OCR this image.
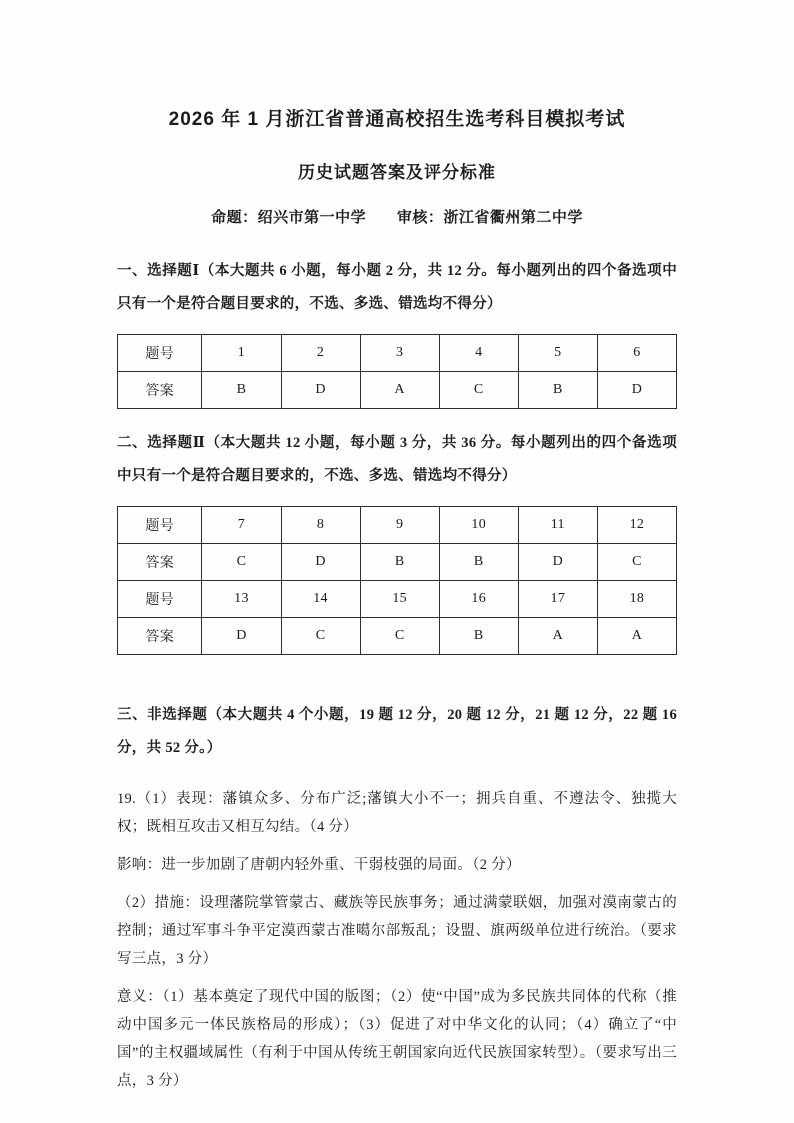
2026 年 1 月浙江省普通高校招生选考科目模拟考试
历史试题答案及评分标准
命题：绍兴市第一中学 审核：浙江省衢州第二中学

一、选择题Ⅰ（本大题共 6 小题，每小题 2 分，共 12 分。每小题列出的四个备选项中只有一个是符合题目要求的，不选、多选、错选均不得分）

题号	1	2	3	4	5	6
答案	B	D	A	C	B	D

二、选择题Ⅱ（本大题共 12 小题，每小题 3 分，共 36 分。每小题列出的四个备选项中只有一个是符合题目要求的，不选、多选、错选均不得分）

题号	7	8	9	10	11	12
答案	C	D	B	B	D	C
题号	13	14	15	16	17	18
答案	D	C	C	B	A	A

三、非选择题（本大题共 4 个小题，19 题 12 分，20 题 12 分，21 题 12 分，22 题 16 分，共 52 分。）

19.（1）表现：藩镇众多、分布广泛;藩镇大小不一；拥兵自重、不遵法令、独揽大权；既相互攻击又相互勾结。（4 分）

影响：进一步加剧了唐朝内轻外重、干弱枝强的局面。（2 分）

（2）措施：设理藩院掌管蒙古、藏族等民族事务；通过满蒙联姻，加强对漠南蒙古的控制；通过军事斗争平定漠西蒙古准噶尔部叛乱；设盟、旗两级单位进行统治。（要求写三点，3 分）

意义：（1）基本奠定了现代中国的版图；（2）使“中国”成为多民族共同体的代称（推动中国多元一体民族格局的形成）；（3）促进了对中华文化的认同；（4）确立了“中国”的主权疆域属性（有利于中国从传统王朝国家向近代民族国家转型）。（要求写出三点，3 分）
